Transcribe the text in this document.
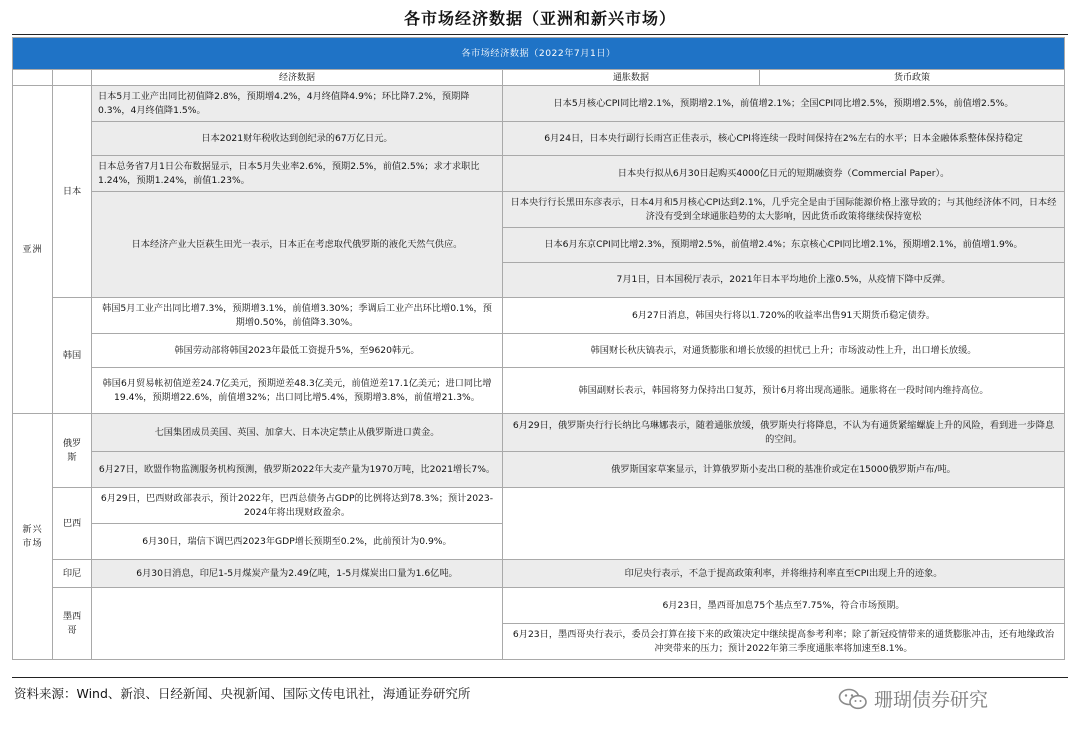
各市场经济数据（亚洲和新兴市场）
各市场经济数据（2022年7月1日）				
		经济数据	通胀数据	货币政策
亚洲	日本	日本5月工业产出同比初值降2.8%，预期增4.2%，4月终值降4.9%；环比降7.2%，预期降0.3%，4月终值降1.5%。	日本5月核心CPI同比增2.1%，预期增2.1%，前值增2.1%；全国CPI同比增2.5%，预期增2.5%，前值增2.5%。	
		日本2021财年税收达到创纪录的67万亿日元。	6月24日，日本央行副行长雨宫正佳表示，核心CPI将连续一段时间保持在2%左右的水平；日本金融体系整体保持稳定	
		日本总务省7月1日公布数据显示，日本5月失业率2.6%，预期2.5%，前值2.5%；求才求职比1.24%，预期1.24%，前值1.23%。	日本央行拟从6月30日起购买4000亿日元的短期融资券（Commercial Paper）。	
		日本经济产业大臣萩生田光一表示，日本正在考虑取代俄罗斯的液化天然气供应。	日本央行行长黑田东彦表示，日本4月和5月核心CPI达到2.1%，几乎完全是由于国际能源价格上涨导致的；与其他经济体不同，日本经济没有受到全球通胀趋势的太大影响，因此货币政策将继续保持宽松	
			日本6月东京CPI同比增2.3%，预期增2.5%，前值增2.4%；东京核心CPI同比增2.1%，预期增2.1%，前值增1.9%。	
			7月1日，日本国税厅表示，2021年日本平均地价上涨0.5%，从疫情下降中反弹。	
	韩国	韩国5月工业产出同比增7.3%，预期增3.1%，前值增3.30%；季调后工业产出环比增0.1%，预期增0.50%，前值降3.30%。	6月27日消息，韩国央行将以1.720%的收益率出售91天期货币稳定债券。	
		韩国劳动部将韩国2023年最低工资提升5%，至9620韩元。	韩国财长秋庆镐表示，对通货膨胀和增长放缓的担忧已上升；市场波动性上升，出口增长放缓。	
		韩国6月贸易帐初值逆差24.7亿美元，预期逆差48.3亿美元，前值逆差17.1亿美元；进口同比增19.4%，预期增22.6%，前值增32%；出口同比增5.4%，预期增3.8%，前值增21.3%。	韩国副财长表示，韩国将努力保持出口复苏，预计6月将出现高通胀。通胀将在一段时间内维持高位。	
新兴
市场	俄罗斯	七国集团成员美国、英国、加拿大、日本决定禁止从俄罗斯进口黄金。	6月29日，俄罗斯央行行长纳比乌琳娜表示，随着通胀放缓，俄罗斯央行将降息，不认为有通货紧缩螺旋上升的风险，看到进一步降息的空间。	
		6月27日，欧盟作物监测服务机构预测，俄罗斯2022年大麦产量为1970万吨，比2021增长7%。	俄罗斯国家草案显示，计算俄罗斯小麦出口税的基准价或定在15000俄罗斯卢布/吨。	
	巴西	6月29日，巴西财政部表示，预计2022年，巴西总债务占GDP的比例将达到78.3%；预计2023-2024年将出现财政盈余。		
		6月30日，瑞信下调巴西2023年GDP增长预期至0.2%，此前预计为0.9%。		
	印尼	6月30日消息，印尼1-5月煤炭产量为2.49亿吨，1-5月煤炭出口量为1.6亿吨。	印尼央行表示，不急于提高政策利率，并将维持利率直至CPI出现上升的迹象。	
	墨西哥		6月23日，墨西哥加息75个基点至7.75%，符合市场预期。	
			6月23日，墨西哥央行表示，委员会打算在接下来的政策决定中继续提高参考利率；除了新冠疫情带来的通货膨胀冲击，还有地缘政治冲突带来的压力；预计2022年第三季度通胀率将加速至8.1%。	
资料来源：Wind、新浪、日经新闻、央视新闻、国际文传电讯社，海通证券研究所	珊瑚债券研究
